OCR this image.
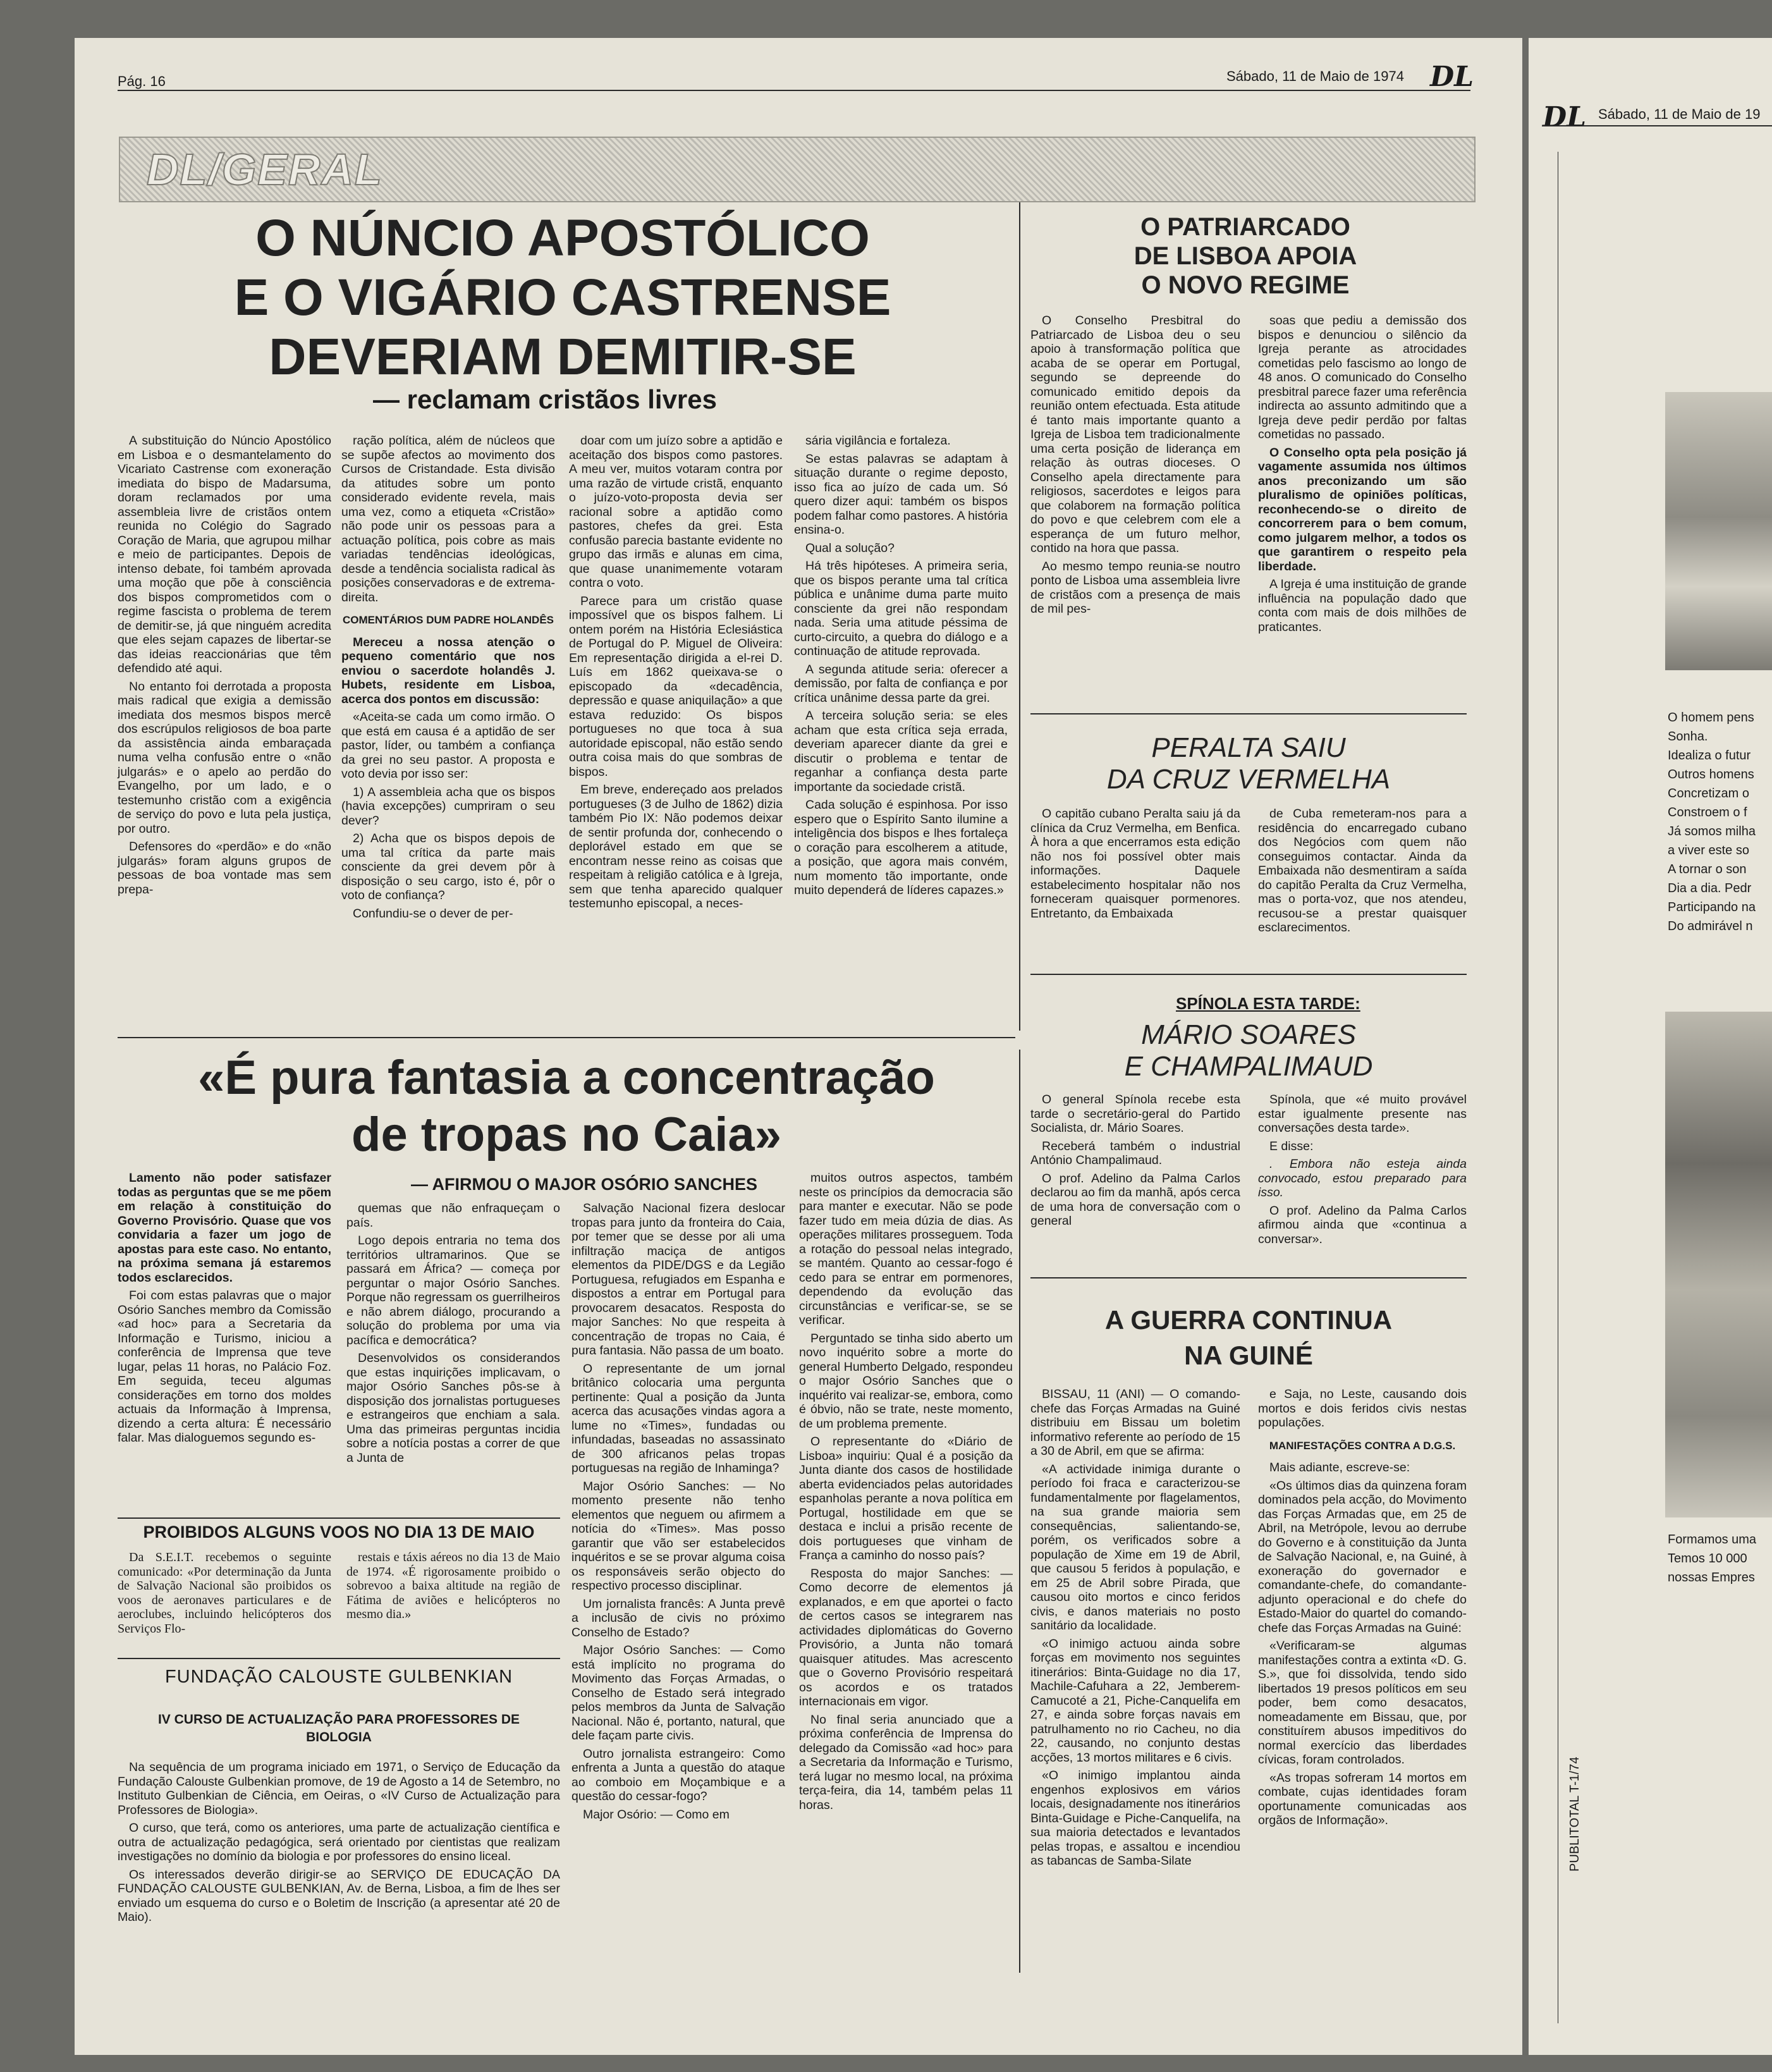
Pág. 16	Sábado, 11 de Maio de 1974 DL
DL Sábado, 11 de Maio de 19
DL/GERAL
O NÚNCIO APOSTÓLICO
E O VIGÁRIO CASTRENSE
DEVERIAM DEMITIR-SE
— reclamam cristãos livres

A substituição do Núncio Apostólico em Lisboa e o desmantelamento do Vicariato Castrense com exoneração imediata do bispo de Madarsuma, doram reclamados por uma assembleia livre de cristãos ontem reunida no Colégio do Sagrado Coração de Maria, que agrupou milhar e meio de participantes. Depois de intenso debate, foi também aprovada uma moção que põe à consciência dos bispos comprometidos com o regime fascista o problema de terem de demitir-se, já que ninguém acredita que eles sejam capazes de libertar-se das ideias reaccionárias que têm defendido até aqui.

No entanto foi derrotada a proposta mais radical que exigia a demissão imediata dos mesmos bispos mercê dos escrúpulos religiosos de boa parte da assistência ainda embaraçada numa velha confusão entre o «não julgarás» e o apelo ao perdão do Evangelho, por um lado, e o testemunho cristão com a exigência de serviço do povo e luta pela justiça, por outro.

Defensores do «perdão» e do «não julgarás» foram alguns grupos de pessoas de boa vontade mas sem prepa-

ração política, além de núcleos que se supõe afectos ao movimento dos Cursos de Cristandade. Esta divisão da atitudes sobre um ponto considerado evidente revela, mais uma vez, como a etiqueta «Cristão» não pode unir os pessoas para a actuação política, pois cobre as mais variadas tendências ideológicas, desde a tendência socialista radical às posições conservadoras e de extrema-direita.

COMENTÁRIOS DUM PADRE HOLANDÊS

Mereceu a nossa atenção o pequeno comentário que nos enviou o sacerdote holandês J. Hubets, residente em Lisboa, acerca dos pontos em discussão:

«Aceita-se cada um como irmão. O que está em causa é a aptidão de ser pastor, líder, ou também a confiança da grei no seu pastor. A proposta e voto devia por isso ser:

1) A assembleia acha que os bispos (havia excepções) cumpriram o seu dever?

2) Acha que os bispos depois de uma tal crítica da parte mais consciente da grei devem pôr à disposição o seu cargo, isto é, pôr o voto de confiança?

Confundiu-se o dever de per-

doar com um juízo sobre a aptidão e aceitação dos bispos como pastores. A meu ver, muitos votaram contra por uma razão de virtude cristã, enquanto o juízo-voto-proposta devia ser racional sobre a aptidão como pastores, chefes da grei. Esta confusão parecia bastante evidente no grupo das irmãs e alunas em cima, que quase unanimemente votaram contra o voto.

Parece para um cristão quase impossível que os bispos falhem. Li ontem porém na História Eclesiástica de Portugal do P. Miguel de Oliveira: Em representação dirigida a el-rei D. Luís em 1862 queixava-se o episcopado da «decadência, depressão e quase aniquilação» a que estava reduzido: Os bispos portugueses no que toca à sua autoridade episcopal, não estão sendo outra coisa mais do que sombras de bispos.

Em breve, endereçado aos prelados portugueses (3 de Julho de 1862) dizia também Pio IX: Não podemos deixar de sentir profunda dor, conhecendo o deplorável estado em que se encontram nesse reino as coisas que respeitam à religião católica e à Igreja, sem que tenha aparecido qualquer testemunho episcopal, a neces-

sária vigilância e fortaleza.

Se estas palavras se adaptam à situação durante o regime deposto, isso fica ao juízo de cada um. Só quero dizer aqui: também os bispos podem falhar como pastores. A história ensina-o.

Qual a solução?

Há três hipóteses. A primeira seria, que os bispos perante uma tal crítica pública e unânime duma parte muito consciente da grei não respondam nada. Seria uma atitude péssima de curto-circuito, a quebra do diálogo e a continuação de atitude reprovada.

A segunda atitude seria: oferecer a demissão, por falta de confiança e por crítica unânime dessa parte da grei.

A terceira solução seria: se eles acham que esta crítica seja errada, deveriam aparecer diante da grei e discutir o problema e tentar de reganhar a confiança desta parte importante da sociedade cristã.

Cada solução é espinhosa. Por isso espero que o Espírito Santo ilumine a inteligência dos bispos e lhes fortaleça o coração para escolherem a atitude, a posição, que agora mais convém, num momento tão importante, onde muito dependerá de líderes capazes.»

O PATRIARCADO
DE LISBOA APOIA
O NOVO REGIME

O Conselho Presbitral do Patriarcado de Lisboa deu o seu apoio à transformação política que acaba de se operar em Portugal, segundo se depreende do comunicado emitido depois da reunião ontem efectuada. Esta atitude é tanto mais importante quanto a Igreja de Lisboa tem tradicionalmente uma certa posição de liderança em relação às outras dioceses. O Conselho apela directamente para religiosos, sacerdotes e leigos para que colaborem na formação política do povo e que celebrem com ele a esperança de um futuro melhor, contido na hora que passa.

Ao mesmo tempo reunia-se noutro ponto de Lisboa uma assembleia livre de cristãos com a presença de mais de mil pes-

soas que pediu a demissão dos bispos e denunciou o silêncio da Igreja perante as atrocidades cometidas pelo fascismo ao longo de 48 anos. O comunicado do Conselho presbitral parece fazer uma referência indirecta ao assunto admitindo que a Igreja deve pedir perdão por faltas cometidas no passado.

O Conselho opta pela posição já vagamente assumida nos últimos anos preconizando um são pluralismo de opiniões políticas, reconhecendo-se o direito de concorrerem para o bem comum, como julgarem melhor, a todos os que garantirem o respeito pela liberdade.

A Igreja é uma instituição de grande influência na população dado que conta com mais de dois milhões de praticantes.

PERALTA SAIU
DA CRUZ VERMELHA

O capitão cubano Peralta saiu já da clínica da Cruz Vermelha, em Benfica. À hora a que encerramos esta edição não nos foi possível obter mais informações. Daquele estabelecimento hospitalar não nos forneceram quaisquer pormenores. Entretanto, da Embaixada

de Cuba remeteram-nos para a residência do encarregado cubano dos Negócios com quem não conseguimos contactar. Ainda da Embaixada não desmentiram a saída do capitão Peralta da Cruz Vermelha, mas o porta-voz, que nos atendeu, recusou-se a prestar quaisquer esclarecimentos.

SPÍNOLA ESTA TARDE:
MÁRIO SOARES
E CHAMPALIMAUD

O general Spínola recebe esta tarde o secretário-geral do Partido Socialista, dr. Mário Soares.

Receberá também o industrial António Champalimaud.

O prof. Adelino da Palma Carlos declarou ao fim da manhã, após cerca de uma hora de conversação com o general

Spínola, que «é muito provável estar igualmente presente nas conversações desta tarde».

E disse:

. Embora não esteja ainda convocado, estou preparado para isso.

O prof. Adelino da Palma Carlos afirmou ainda que «continua a conversar».

A GUERRA CONTINUA
NA GUINÉ

BISSAU, 11 (ANI) — O comando-chefe das Forças Armadas na Guiné distribuiu em Bissau um boletim informativo referente ao período de 15 a 30 de Abril, em que se afirma:

«A actividade inimiga durante o período foi fraca e caracterizou-se fundamentalmente por flagelamentos, na sua grande maioria sem consequências, salientando-se, porém, os verificados sobre a população de Xime em 19 de Abril, que causou 5 feridos à população, e em 25 de Abril sobre Pirada, que causou oito mortos e cinco feridos civis, e danos materiais no posto sanitário da localidade.

«O inimigo actuou ainda sobre forças em movimento nos seguintes itinerários: Binta-Guidage no dia 17, Machile-Cafuhara a 22, Jemberem-Camucoté a 21, Piche-Canquelifa em 27, e ainda sobre forças navais em patrulhamento no rio Cacheu, no dia 22, causando, no conjunto destas acções, 13 mortos militares e 6 civis.

«O inimigo implantou ainda engenhos explosivos em vários locais, designadamente nos itinerários Binta-Guidage e Piche-Canquelifa, na sua maioria detectados e levantados pelas tropas, e assaltou e incendiou as tabancas de Samba-Silate

e Saja, no Leste, causando dois mortos e dois feridos civis nestas populações.

MANIFESTAÇÕES CONTRA A D.G.S.

Mais adiante, escreve-se:

«Os últimos dias da quinzena foram dominados pela acção, do Movimento das Forças Armadas que, em 25 de Abril, na Metrópole, levou ao derrube do Governo e à constituição da Junta de Salvação Nacional, e, na Guiné, à exoneração do governador e comandante-chefe, do comandante-adjunto operacional e do chefe do Estado-Maior do quartel do comando-chefe das Forças Armadas na Guiné:

«Verificaram-se algumas manifestações contra a extinta «D. G. S.», que foi dissolvida, tendo sido libertados 19 presos políticos em seu poder, bem como desacatos, nomeadamente em Bissau, que, por constituírem abusos impeditivos do normal exercício das liberdades cívicas, foram controlados.

«As tropas sofreram 14 mortos em combate, cujas identidades foram oportunamente comunicadas aos orgãos de Informação».

«É pura fantasia a concentração
de tropas no Caia»
— AFIRMOU O MAJOR OSÓRIO SANCHES

Lamento não poder satisfazer todas as perguntas que se me põem em relação à constituição do Governo Provisório. Quase que vos convidaria a fazer um jogo de apostas para este caso. No entanto, na próxima semana já estaremos todos esclarecidos.

Foi com estas palavras que o major Osório Sanches membro da Comissão «ad hoc» para a Secretaria da Informação e Turismo, iniciou a conferência de Imprensa que teve lugar, pelas 11 horas, no Palácio Foz. Em seguida, teceu algumas considerações em torno dos moldes actuais da Informação à Imprensa, dizendo a certa altura: É necessário falar. Mas dialoguemos segundo es-

quemas que não enfraqueçam o país.

Logo depois entraria no tema dos territórios ultramarinos. Que se passará em África? — começa por perguntar o major Osório Sanches. Porque não regressam os guerrilheiros e não abrem diálogo, procurando a solução do problema por uma via pacífica e democrática?

Desenvolvidos os considerandos que estas inquirições implicavam, o major Osório Sanches pôs-se à disposição dos jornalistas portugueses e estrangeiros que enchiam a sala. Uma das primeiras perguntas incidia sobre a notícia postas a correr de que a Junta de

Salvação Nacional fizera deslocar tropas para junto da fronteira do Caia, por temer que se desse por ali uma infiltração maciça de antigos elementos da PIDE/DGS e da Legião Portuguesa, refugiados em Espanha e dispostos a entrar em Portugal para provocarem desacatos. Resposta do major Sanches: No que respeita à concentração de tropas no Caia, é pura fantasia. Não passa de um boato.

O representante de um jornal britânico colocaria uma pergunta pertinente: Qual a posição da Junta acerca das acusações vindas agora a lume no «Times», fundadas ou infundadas, baseadas no assassinato de 300 africanos pelas tropas portuguesas na região de Inhaminga?

Major Osório Sanches: — No momento presente não tenho elementos que neguem ou afirmem a notícia do «Times». Mas posso garantir que vão ser estabelecidos inquéritos e se se provar alguma coisa os responsáveis serão objecto do respectivo processo disciplinar.

Um jornalista francês: A Junta prevê a inclusão de civis no próximo Conselho de Estado?

Major Osório Sanches: — Como está implícito no programa do Movimento das Forças Armadas, o Conselho de Estado será integrado pelos membros da Junta de Salvação Nacional. Não é, portanto, natural, que dele façam parte civis.

Outro jornalista estrangeiro: Como enfrenta a Junta a questão do ataque ao comboio em Moçambique e a questão do cessar-fogo?

Major Osório: — Como em

muitos outros aspectos, também neste os princípios da democracia são para manter e executar. Não se pode fazer tudo em meia dúzia de dias. As operações militares prosseguem. Toda a rotação do pessoal nelas integrado, se mantém. Quanto ao cessar-fogo é cedo para se entrar em pormenores, dependendo da evolução das circunstâncias e verificar-se, se se verificar.

Perguntado se tinha sido aberto um novo inquérito sobre a morte do general Humberto Delgado, respondeu o major Osório Sanches que o inquérito vai realizar-se, embora, como é óbvio, não se trate, neste momento, de um problema premente.

O representante do «Diário de Lisboa» inquiriu: Qual é a posição da Junta diante dos casos de hostilidade aberta evidenciados pelas autoridades espanholas perante a nova política em Portugal, hostilidade em que se destaca e inclui a prisão recente de dois portugueses que vinham de França a caminho do nosso país?

Resposta do major Sanches: — Como decorre de elementos já explanados, e em que aportei o facto de certos casos se integrarem nas actividades diplomáticas do Governo Provisório, a Junta não tomará quaisquer atitudes. Mas acrescento que o Governo Provisório respeitará os acordos e os tratados internacionais em vigor.

No final seria anunciado que a próxima conferência de Imprensa do delegado da Comissão «ad hoc» para a Secretaria da Informação e Turismo, terá lugar no mesmo local, na próxima terça-feira, dia 14, também pelas 11 horas.

PROIBIDOS ALGUNS VOOS NO DIA 13 DE MAIO

Da S.E.I.T. recebemos o seguinte comunicado: «Por determinação da Junta de Salvação Nacional são proibidos os voos de aeronaves particulares e de aeroclubes, incluindo helicópteros dos Serviços Flo-

restais e táxis aéreos no dia 13 de Maio de 1974. «É rigorosamente proibido o sobrevoo a baixa altitude na região de Fátima de aviões e helicópteros no mesmo dia.»

FUNDAÇÃO CALOUSTE GULBENKIAN
IV CURSO DE ACTUALIZAÇÃO PARA PROFESSORES DE BIOLOGIA

Na sequência de um programa iniciado em 1971, o Serviço de Educação da Fundação Calouste Gulbenkian promove, de 19 de Agosto a 14 de Setembro, no Instituto Gulbenkian de Ciência, em Oeiras, o «IV Curso de Actualização para Professores de Biologia».

O curso, que terá, como os anteriores, uma parte de actualização científica e outra de actualização pedagógica, será orientado por cientistas que realizam investigações no domínio da biologia e por professores do ensino liceal.

Os interessados deverão dirigir-se ao SERVIÇO DE EDUCAÇÃO DA FUNDAÇÃO CALOUSTE GULBENKIAN, Av. de Berna, Lisboa, a fim de lhes ser enviado um esquema do curso e o Boletim de Inscrição (a apresentar até 20 de Maio).

O homem pens
Sonha.
Idealiza o futur
Outros homens
Concretizam o
Constroem o f
Já somos milha
a viver este so
A tornar o son
Dia a dia. Pedr
Participando na
Do admirável n
Formamos uma
Temos 10 000
nossas Empres
PUBLITOTAL T-1/74
